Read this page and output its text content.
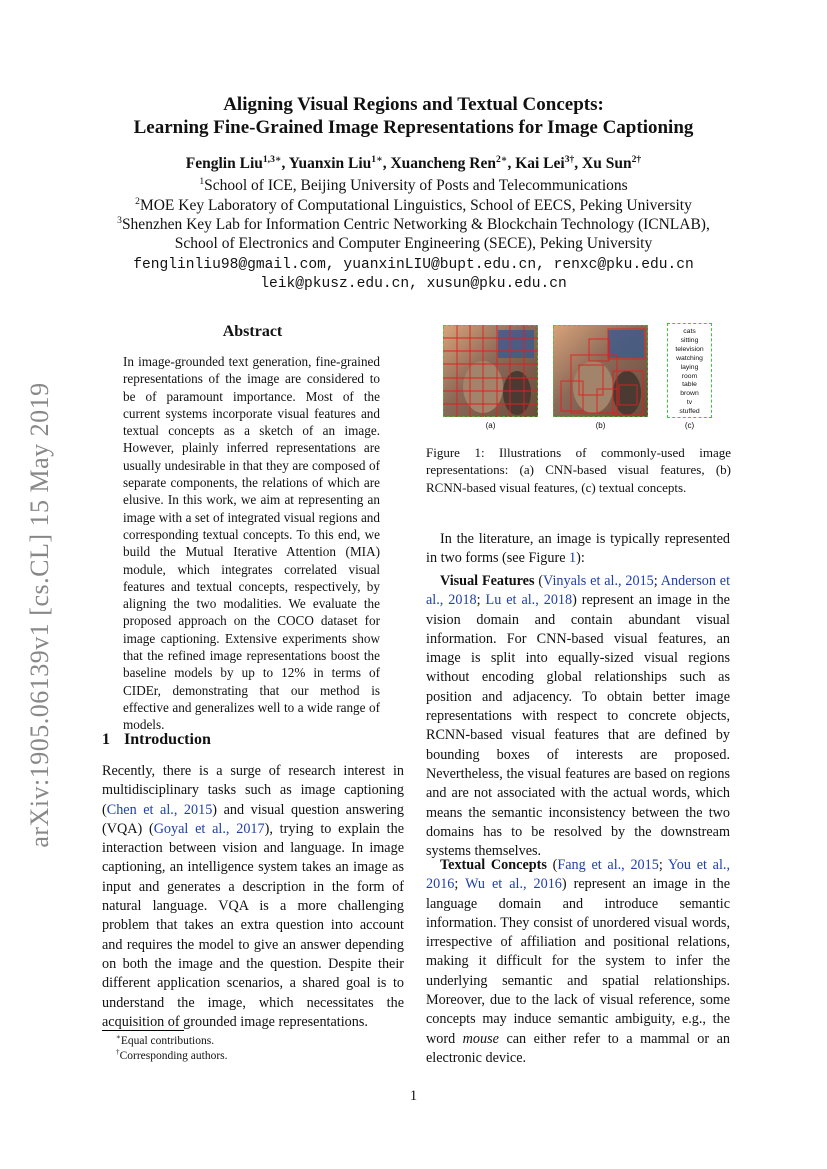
arXiv:1905.06139v1 [cs.CL] 15 May 2019
Aligning Visual Regions and Textual Concepts:
Learning Fine-Grained Image Representations for Image Captioning
Fenglin Liu$^{1,3∗}$, Yuanxin Liu$^{1∗}$, Xuancheng Ren$^{2∗}$, Kai Lei$^{3\dagger}$, Xu Sun$^{2\dagger}$
$^1$School of ICE, Beijing University of Posts and Telecommunications
$^2$MOE Key Laboratory of Computational Linguistics, School of EECS, Peking University
$^3$Shenzhen Key Lab for Information Centric Networking & Blockchain Technology (ICNLAB),
School of Electronics and Computer Engineering (SECE), Peking University
fenglinliu98@gmail.com, yuanxinLIU@bupt.edu.cn, renxc@pku.edu.cn
leik@pkusz.edu.cn, xusun@pku.edu.cn
Abstract
In image-grounded text generation, fine-grained representations of the image are considered to be of paramount importance. Most of the current systems incorporate visual features and textual concepts as a sketch of an image. However, plainly inferred representations are usually undesirable in that they are composed of separate components, the relations of which are elusive. In this work, we aim at representing an image with a set of integrated visual regions and corresponding textual concepts. To this end, we build the Mutual Iterative Attention (MIA) module, which integrates correlated visual features and textual concepts, respectively, by aligning the two modalities. We evaluate the proposed approach on the COCO dataset for image captioning. Extensive experiments show that the refined image representations boost the baseline models by up to 12% in terms of CIDEr, demonstrating that our method is effective and generalizes well to a wide range of models.
1 Introduction
Recently, there is a surge of research interest in multidisciplinary tasks such as image captioning (Chen et al., 2015) and visual question answering (VQA) (Goyal et al., 2017), trying to explain the interaction between vision and language. In image captioning, an intelligence system takes an image as input and generates a description in the form of natural language. VQA is a more challenging problem that takes an extra question into account and requires the model to give an answer depending on both the image and the question. Despite their different application scenarios, a shared goal is to understand the image, which necessitates the acquisition of grounded image representations.
∗Equal contributions.
†Corresponding authors.
(a)	(b)
cats
sitting
television
watching
laying
room
table
brown
tv
stuffed
(c)
Figure 1: Illustrations of commonly-used image representations: (a) CNN-based visual features, (b) RCNN-based visual features, (c) textual concepts.
In the literature, an image is typically represented in two forms (see Figure 1):
Visual Features (Vinyals et al., 2015; Anderson et al., 2018; Lu et al., 2018) represent an image in the vision domain and contain abundant visual information. For CNN-based visual features, an image is split into equally-sized visual regions without encoding global relationships such as position and adjacency. To obtain better image representations with respect to concrete objects, RCNN-based visual features that are defined by bounding boxes of interests are proposed. Nevertheless, the visual features are based on regions and are not associated with the actual words, which means the semantic inconsistency between the two domains has to be resolved by the downstream systems themselves.
Textual Concepts (Fang et al., 2015; You et al., 2016; Wu et al., 2016) represent an image in the language domain and introduce semantic information. They consist of unordered visual words, irrespective of affiliation and positional relations, making it difficult for the system to infer the underlying semantic and spatial relationships. Moreover, due to the lack of visual reference, some concepts may induce semantic ambiguity, e.g., the word mouse can either refer to a mammal or an electronic device.
1
